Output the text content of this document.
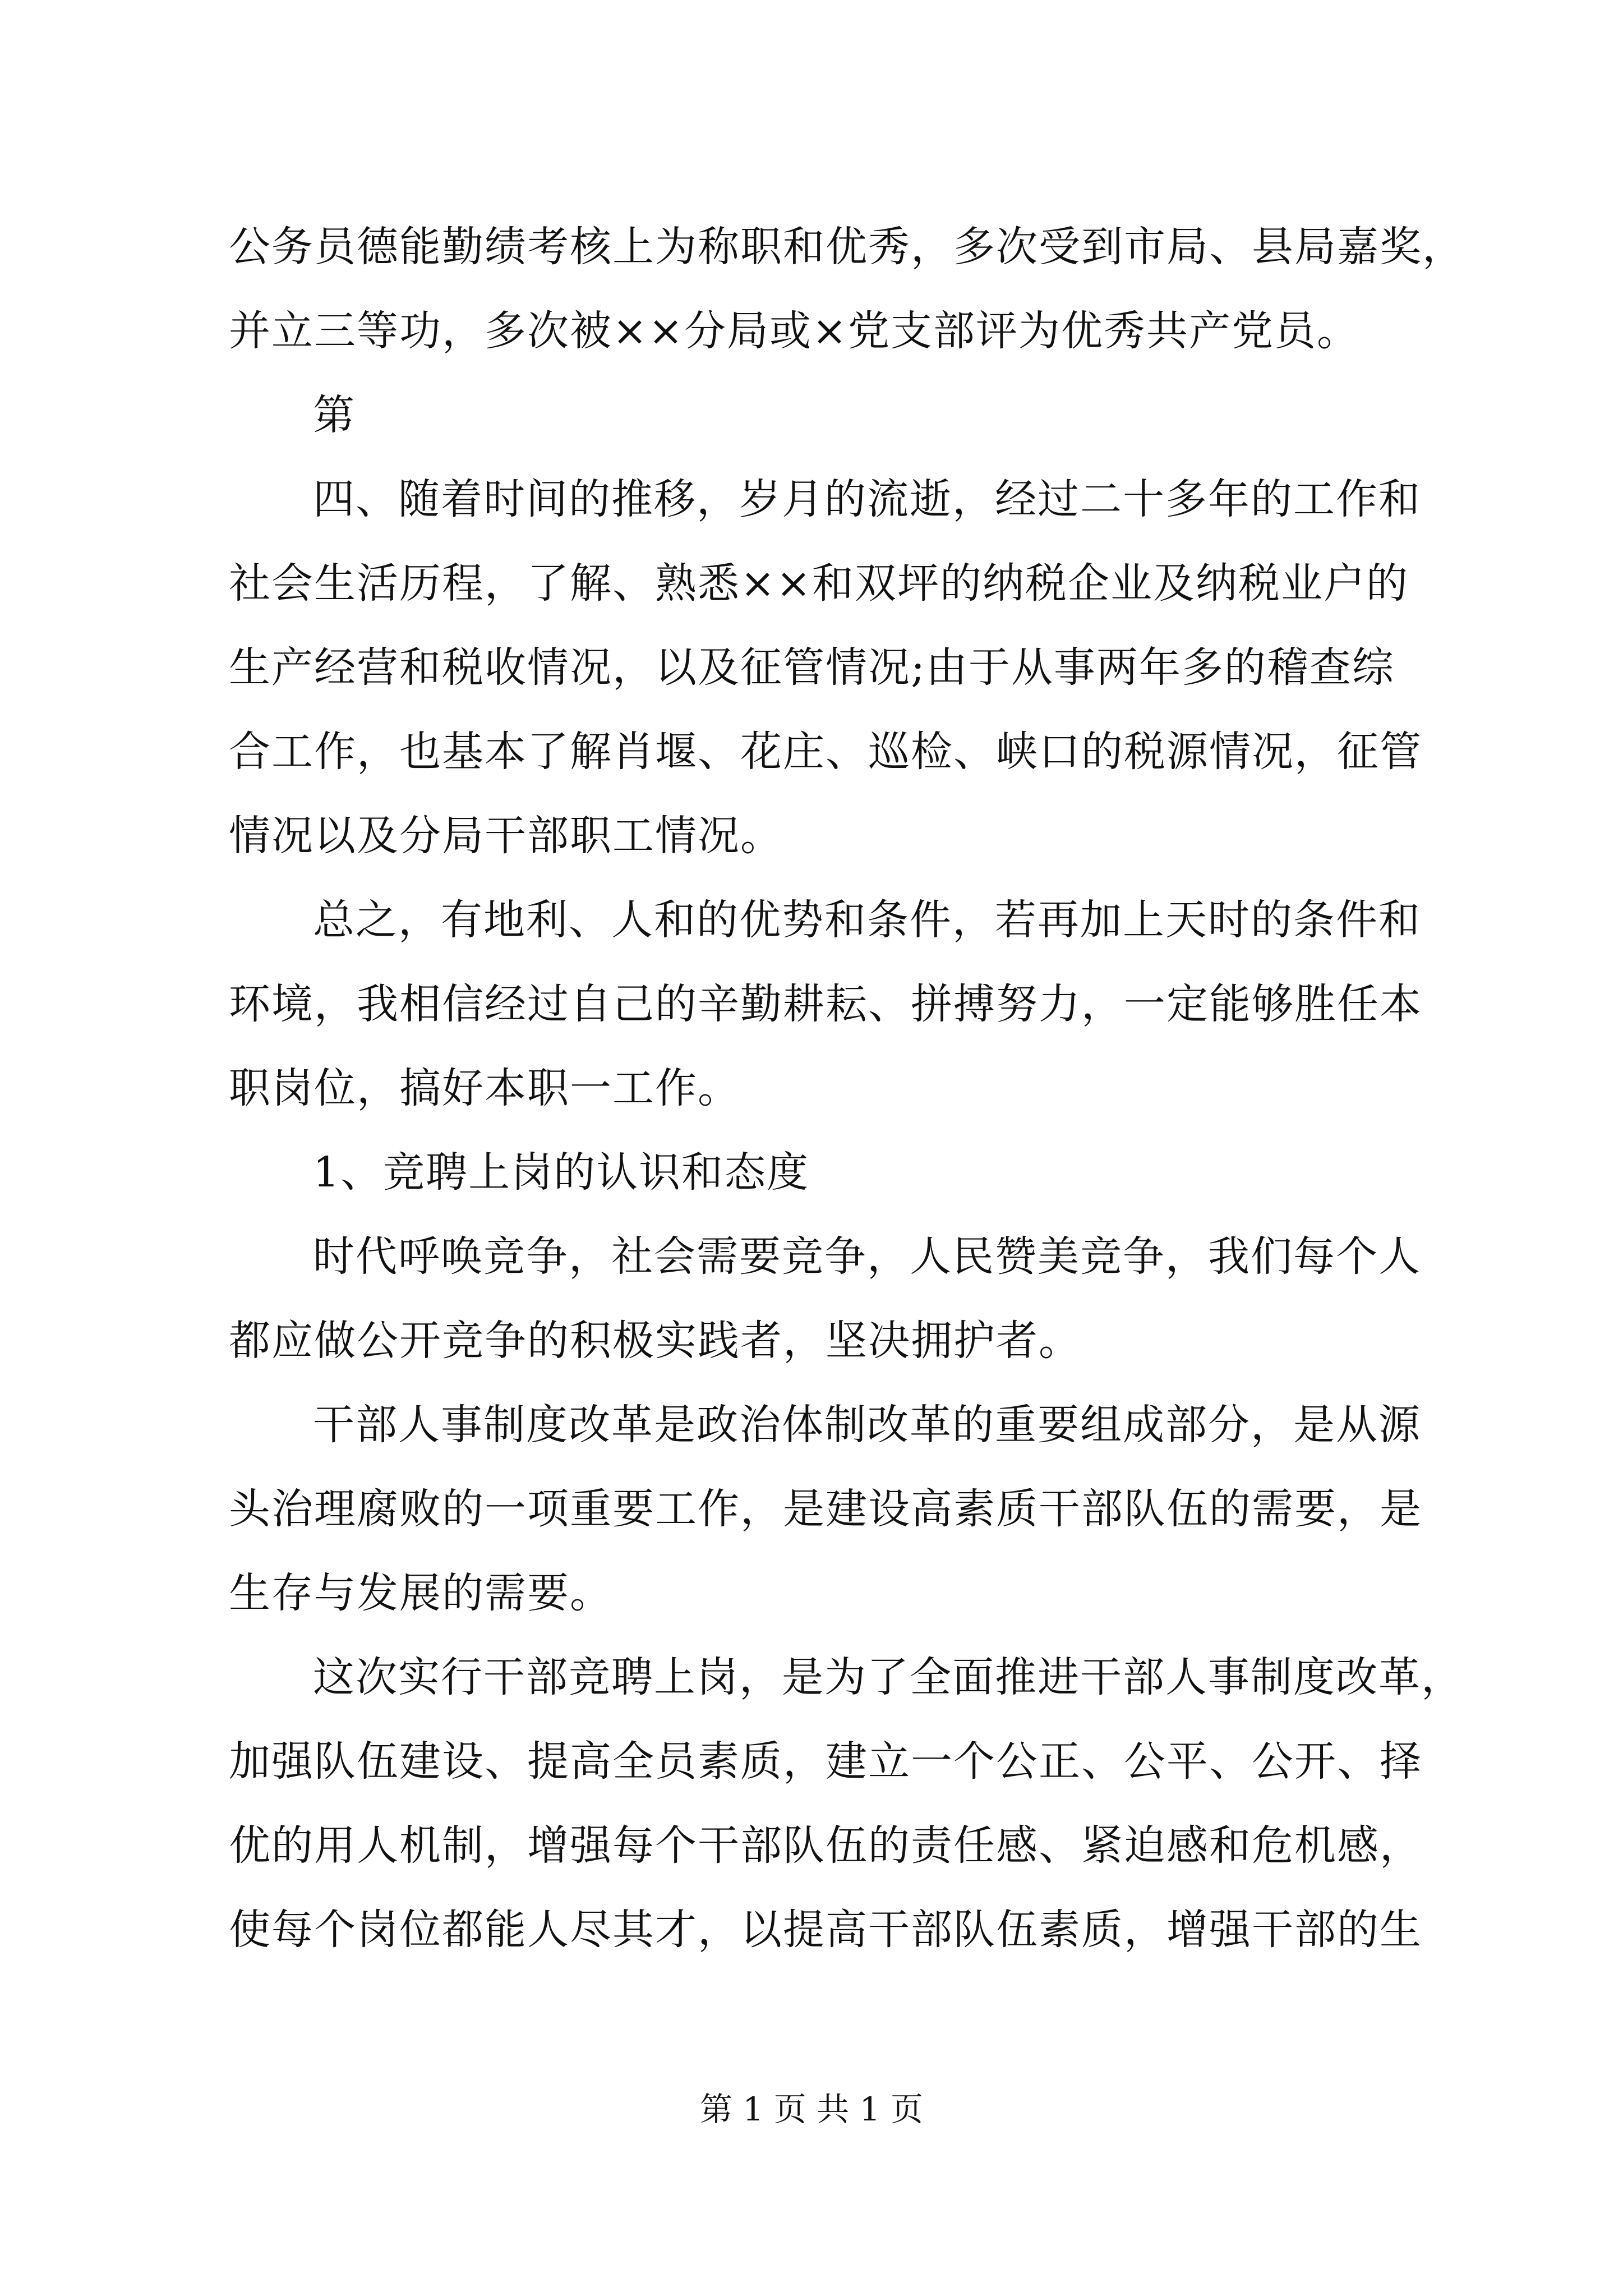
公务员德能勤绩考核上为称职和优秀，多次受到市局、县局嘉奖，
并立三等功，多次被××分局或×党支部评为优秀共产党员。
第
四、随着时间的推移，岁月的流逝，经过二十多年的工作和
社会生活历程，了解、熟悉××和双坪的纳税企业及纳税业户的
生产经营和税收情况，以及征管情况;由于从事两年多的稽查综
合工作，也基本了解肖堰、花庄、巡检、峡口的税源情况，征管
情况以及分局干部职工情况。
总之，有地利、人和的优势和条件，若再加上天时的条件和
环境，我相信经过自己的辛勤耕耘、拼搏努力，一定能够胜任本
职岗位，搞好本职一工作。
1、竞聘上岗的认识和态度
时代呼唤竞争，社会需要竞争，人民赞美竞争，我们每个人
都应做公开竞争的积极实践者，坚决拥护者。
干部人事制度改革是政治体制改革的重要组成部分，是从源
头治理腐败的一项重要工作，是建设高素质干部队伍的需要，是
生存与发展的需要。
这次实行干部竞聘上岗，是为了全面推进干部人事制度改革，
加强队伍建设、提高全员素质，建立一个公正、公平、公开、择
优的用人机制，增强每个干部队伍的责任感、紧迫感和危机感，
使每个岗位都能人尽其才，以提高干部队伍素质，增强干部的生
第 1 页 共 1 页
